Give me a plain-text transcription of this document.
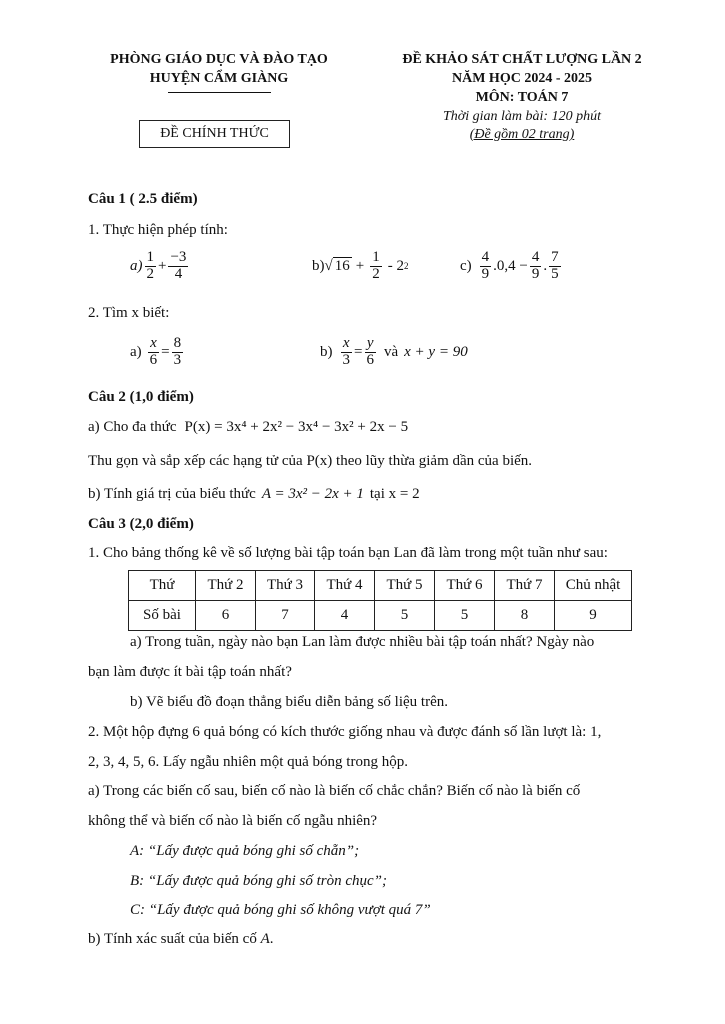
PHÒNG GIÁO DỤC VÀ ĐÀO TẠO
HUYỆN CẨM GIÀNG
ĐỀ CHÍNH THỨC
ĐỀ KHẢO SÁT CHẤT LƯỢNG LẦN 2
NĂM HỌC 2024 - 2025
MÔN: TOÁN 7
Thời gian làm bài: 120 phút
(Đề gồm 02 trang)
Câu 1 ( 2.5 điểm)
1. Thực hiện phép tính:
$a) \frac{1}{2} + \frac{-3}{4}$	b) √ $16 + \frac{1}{2} - 2$ 2	$c) \frac{4}{9} .0,4 - \frac{4}{9}$ . $\frac{7}{5}$
2. Tìm x biết:
$a) \frac{x}{6} = \frac{8}{3}$	$b) \frac{x}{3} = \frac{y}{6}$ và x + y = 90
Câu 2 (1,0 điểm)
a) Cho đa thức P(x) = 3x⁴ + 2x² − 3x⁴ − 3x² + 2x − 5
Thu gọn và sắp xếp các hạng tử của P(x) theo lũy thừa giảm dần của biến.
b) Tính giá trị của biểu thức A = 3x² − 2x + 1 tại x = 2
Câu 3 (2,0 điểm)
1. Cho bảng thống kê về số lượng bài tập toán bạn Lan đã làm trong một tuần như sau:
Thứ	Thứ 2	Thứ 3	Thứ 4	Thứ 5	Thứ 6	Thứ 7	Chủ nhật
Số bài	6	7	4	5	5	8	9
a) Trong tuần, ngày nào bạn Lan làm được nhiều bài tập toán nhất? Ngày nào
bạn làm được ít bài tập toán nhất?
b) Vẽ biểu đồ đoạn thẳng biểu diễn bảng số liệu trên.
2. Một hộp đựng 6 quả bóng có kích thước giống nhau và được đánh số lần lượt là: 1,
2, 3, 4, 5, 6. Lấy ngẫu nhiên một quả bóng trong hộp.
a) Trong các biến cố sau, biến cố nào là biến cố chắc chắn? Biến cố nào là biến cố
không thể và biến cố nào là biến cố ngẫu nhiên?
A: “Lấy được quả bóng ghi số chẵn”;
B: “Lấy được quả bóng ghi số tròn chục”;
C: “Lấy được quả bóng ghi số không vượt quá 7”
b) Tính xác suất của biến cố A.
